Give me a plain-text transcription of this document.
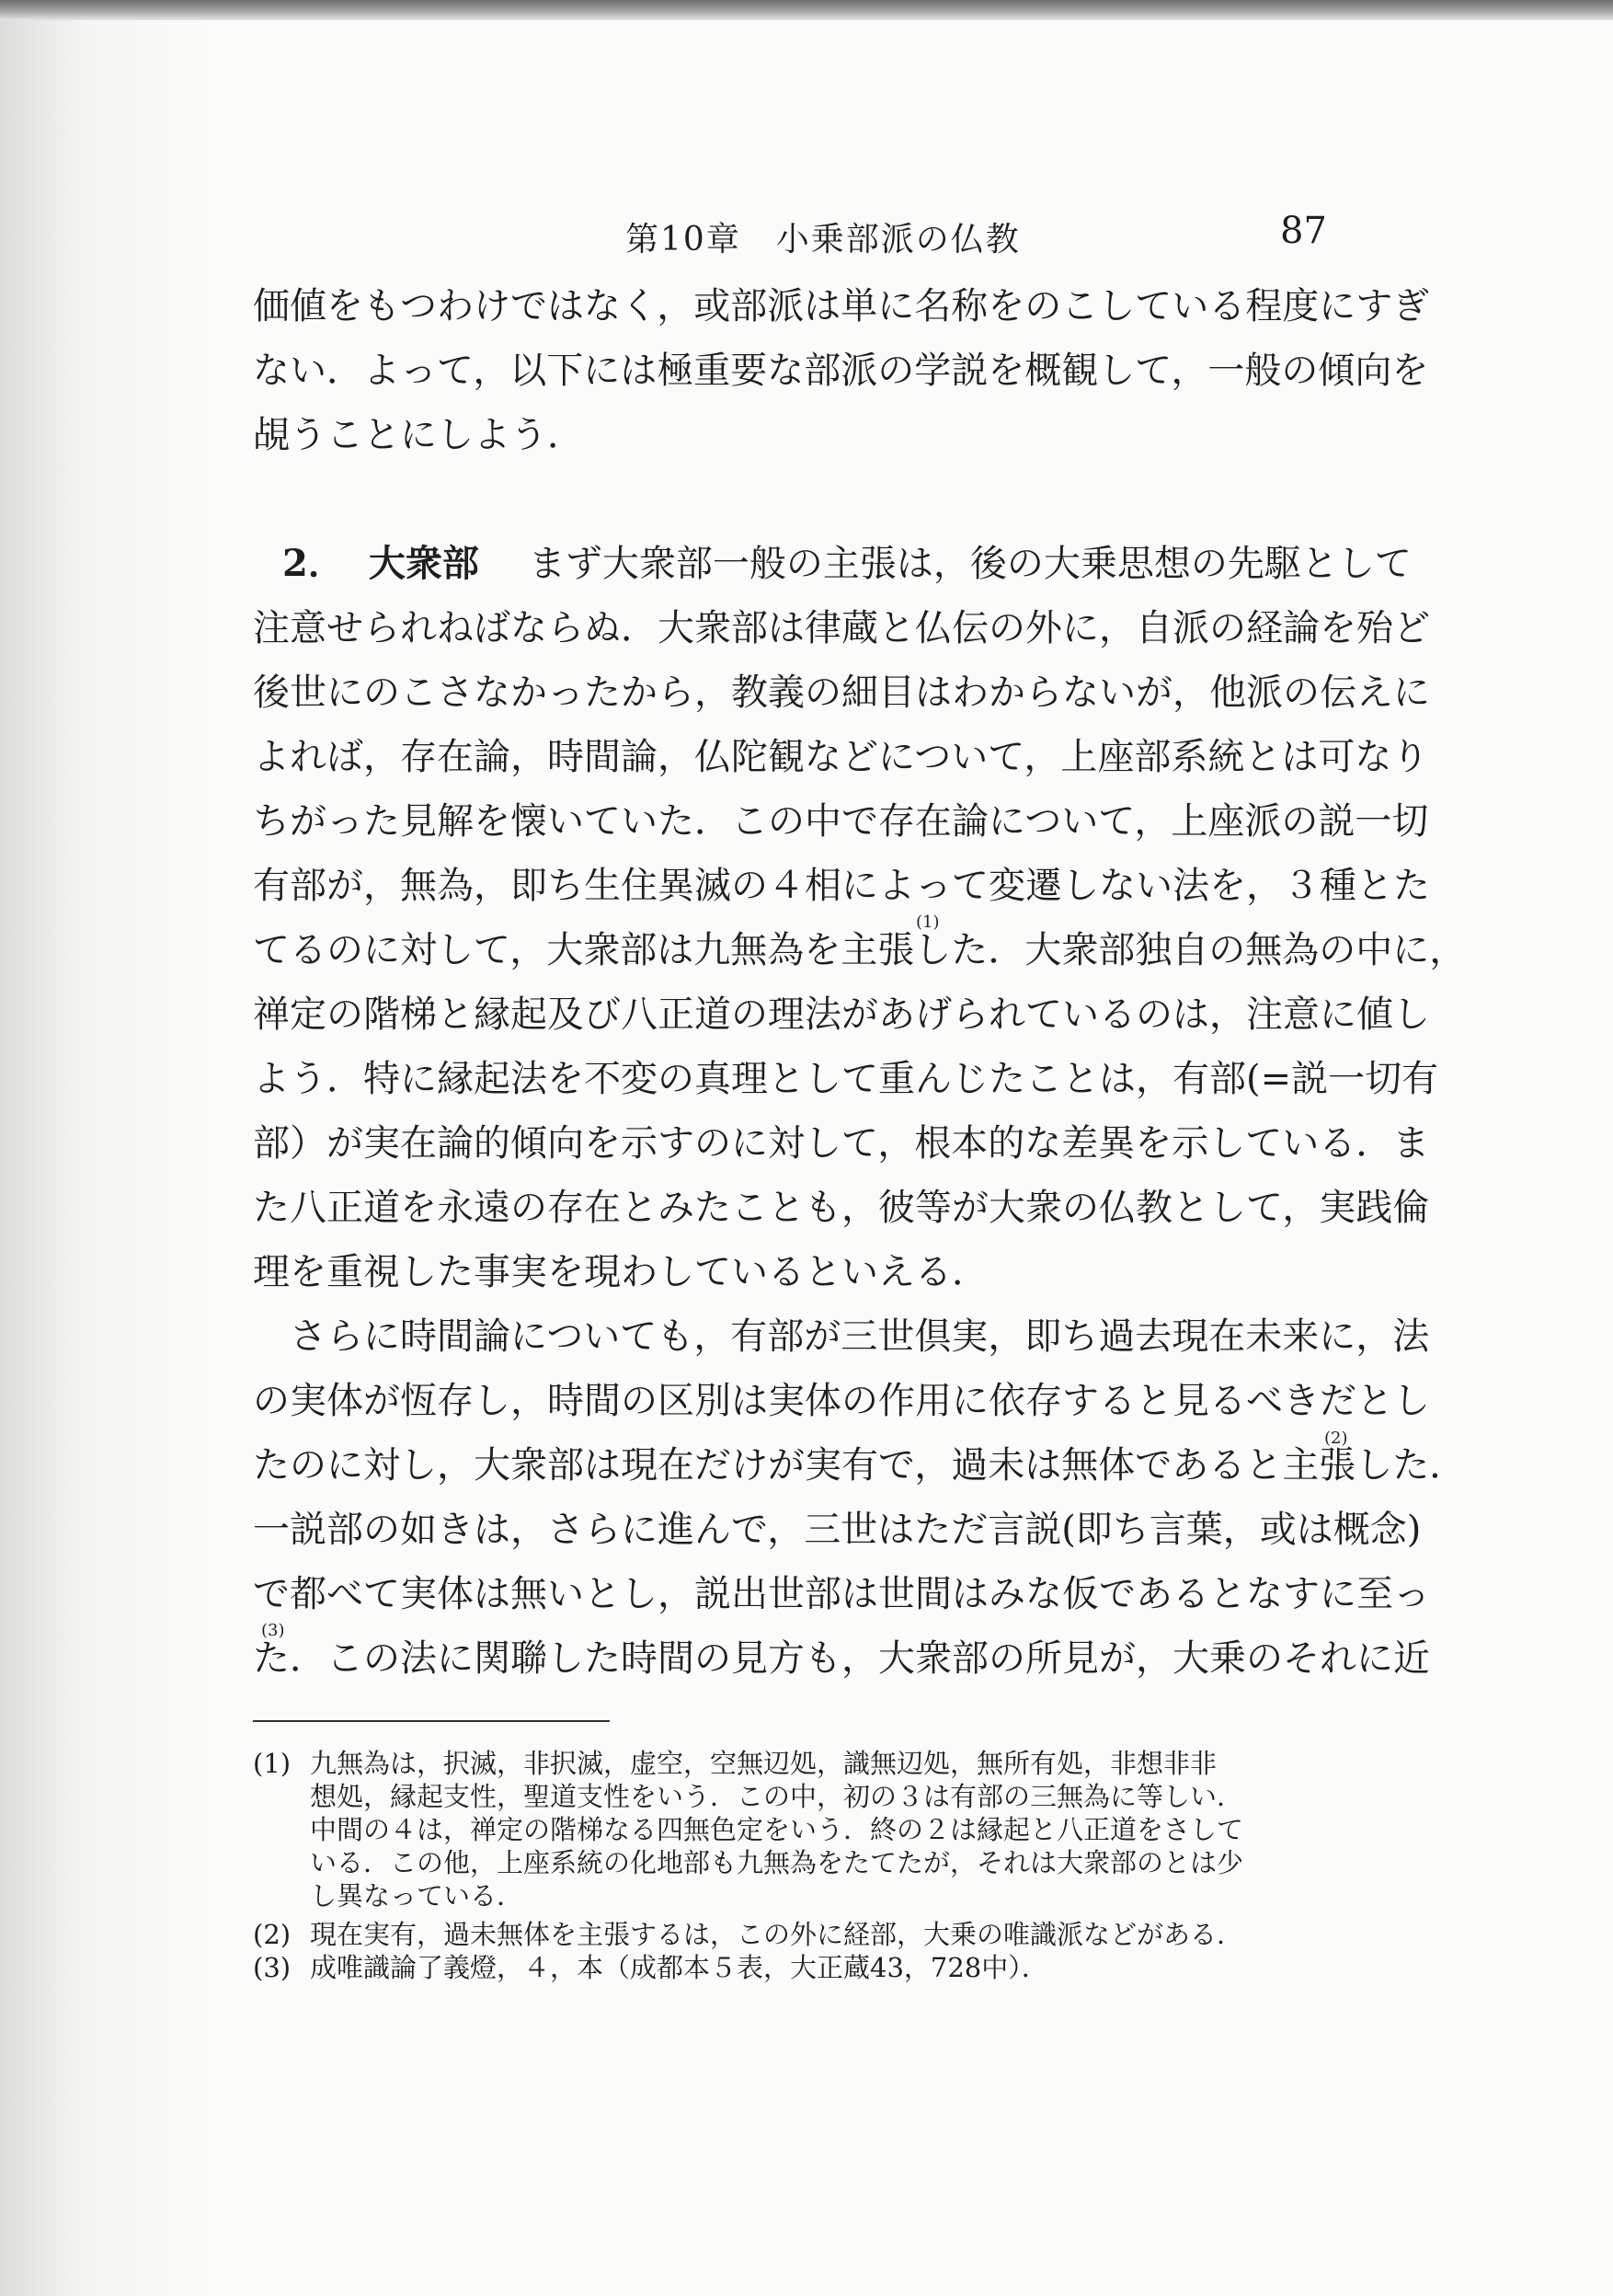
第10章　小乗部派の仏教	87
価値をもつわけではなく，或部派は単に名称をのこしている程度にすぎ
ない．よって，以下には極重要な部派の学説を概観して，一般の傾向を
覘うことにしよう．
2． 大衆部 まず大衆部一般の主張は，後の大乗思想の先駆として
注意せられねばならぬ．大衆部は律蔵と仏伝の外に，自派の経論を殆ど
後世にのこさなかったから，教義の細目はわからないが，他派の伝えに
よれば，存在論，時間論，仏陀観などについて，上座部系統とは可なり
ちがった見解を懐いていた．この中で存在論について，上座派の説一切
有部が，無為，即ち生住異滅の４相によって変遷しない法を，３種とた
(1)
てるのに対して，大衆部は九無為を主張した．大衆部独自の無為の中に，
禅定の階梯と縁起及び八正道の理法があげられているのは，注意に値し
よう．特に縁起法を不変の真理として重んじたことは，有部(=説一切有
部）が実在論的傾向を示すのに対して，根本的な差異を示している．ま
た八正道を永遠の存在とみたことも，彼等が大衆の仏教として，実践倫
理を重視した事実を現わしているといえる．
さらに時間論についても，有部が三世倶実，即ち過去現在未来に，法
の実体が恆存し，時間の区別は実体の作用に依存すると見るべきだとし
(2)
たのに対し，大衆部は現在だけが実有で，過未は無体であると主張した．
一説部の如きは，さらに進んで，三世はただ言説(即ち言葉，或は概念)
で都べて実体は無いとし，説出世部は世間はみな仮であるとなすに至っ
(3)
た．この法に関聯した時間の見方も，大衆部の所見が，大乗のそれに近
(1) 九無為は，択滅，非択滅，虚空，空無辺処，識無辺処，無所有処，非想非非
想処，縁起支性，聖道支性をいう．この中，初の３は有部の三無為に等しい．
中間の４は，禅定の階梯なる四無色定をいう．終の２は縁起と八正道をさして
いる．この他，上座系統の化地部も九無為をたてたが，それは大衆部のとは少
し異なっている．
(2) 現在実有，過未無体を主張するは，この外に経部，大乗の唯識派などがある．
(3) 成唯識論了義燈，４，本（成都本５表，大正蔵43，728中）．
